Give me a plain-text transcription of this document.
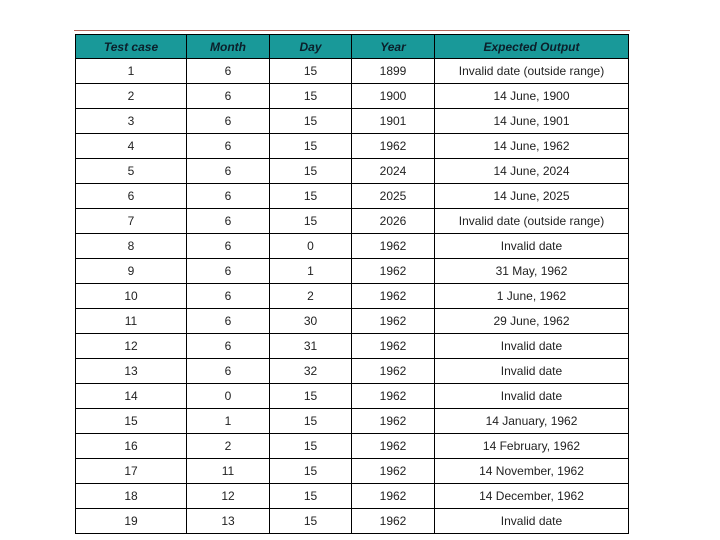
Test case	Month	Day	Year	Expected Output
1	6	15	1899	Invalid date (outside range)
2	6	15	1900	14 June, 1900
3	6	15	1901	14 June, 1901
4	6	15	1962	14 June, 1962
5	6	15	2024	14 June, 2024
6	6	15	2025	14 June, 2025
7	6	15	2026	Invalid date (outside range)
8	6	0	1962	Invalid date
9	6	1	1962	31 May, 1962
10	6	2	1962	1 June, 1962
11	6	30	1962	29 June, 1962
12	6	31	1962	Invalid date
13	6	32	1962	Invalid date
14	0	15	1962	Invalid date
15	1	15	1962	14 January, 1962
16	2	15	1962	14 February, 1962
17	11	15	1962	14 November, 1962
18	12	15	1962	14 December, 1962
19	13	15	1962	Invalid date
